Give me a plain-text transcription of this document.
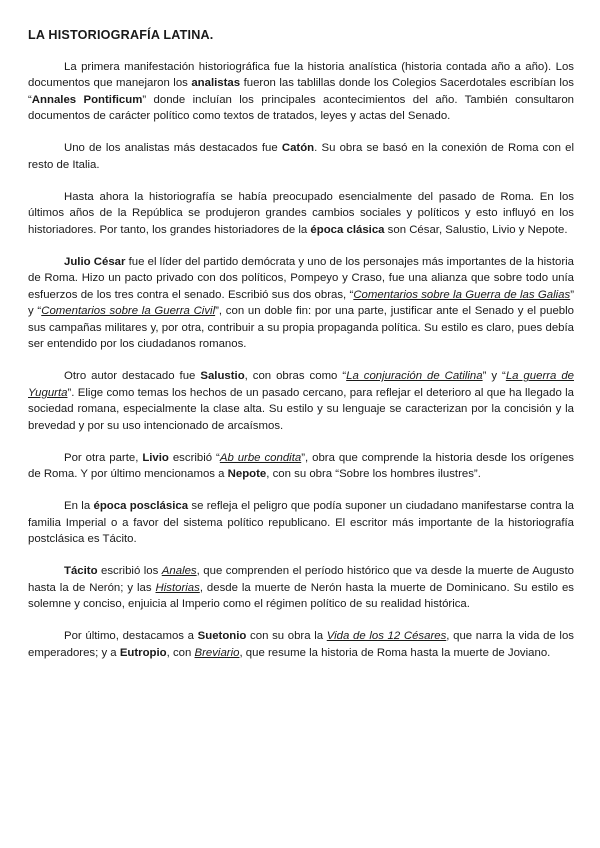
LA HISTORIOGRAFÍA LATINA.

La primera manifestación historiográfica fue la historia analística (historia contada año a año). Los documentos que manejaron los analistas fueron las tablillas donde los Colegios Sacerdotales escribían los “Annales Pontificum” donde incluían los principales acontecimientos del año. También consultaron documentos de carácter político como textos de tratados, leyes y actas del Senado.

Uno de los analistas más destacados fue Catón. Su obra se basó en la conexión de Roma con el resto de Italia.

Hasta ahora la historiografía se había preocupado esencialmente del pasado de Roma. En los últimos años de la República se produjeron grandes cambios sociales y políticos y esto influyó en los historiadores. Por tanto, los grandes historiadores de la época clásica son César, Salustio, Livio y Nepote.

Julio César fue el líder del partido demócrata y uno de los personajes más importantes de la historia de Roma. Hizo un pacto privado con dos políticos, Pompeyo y Craso, fue una alianza que sobre todo unía esfuerzos de los tres contra el senado. Escribió sus dos obras, “Comentarios sobre la Guerra de las Galias” y “Comentarios sobre la Guerra Civil”, con un doble fin: por una parte, justificar ante el Senado y el pueblo sus campañas militares y, por otra, contribuir a su propia propaganda política. Su estilo es claro, pues debía ser entendido por los ciudadanos romanos.

Otro autor destacado fue Salustio, con obras como “La conjuración de Catilina” y “La guerra de Yugurta”. Elige como temas los hechos de un pasado cercano, para reflejar el deterioro al que ha llegado la sociedad romana, especialmente la clase alta. Su estilo y su lenguaje se caracterizan por la concisión y la brevedad y por su uso intencionado de arcaísmos.

Por otra parte, Livio escribió “Ab urbe condita”, obra que comprende la historia desde los orígenes de Roma. Y por último mencionamos a Nepote, con su obra “Sobre los hombres ilustres”.

En la época posclásica se refleja el peligro que podía suponer un ciudadano manifestarse contra la familia Imperial o a favor del sistema político republicano. El escritor más importante de la historiografía postclásica es Tácito.

Tácito escribió los Anales, que comprenden el período histórico que va desde la muerte de Augusto hasta la de Nerón; y las Historias, desde la muerte de Nerón hasta la muerte de Dominicano. Su estilo es solemne y conciso, enjuicia al Imperio como el régimen político de su realidad histórica.

Por último, destacamos a Suetonio con su obra la Vida de los 12 Césares, que narra la vida de los emperadores; y a Eutropio, con Breviario, que resume la historia de Roma hasta la muerte de Joviano.
